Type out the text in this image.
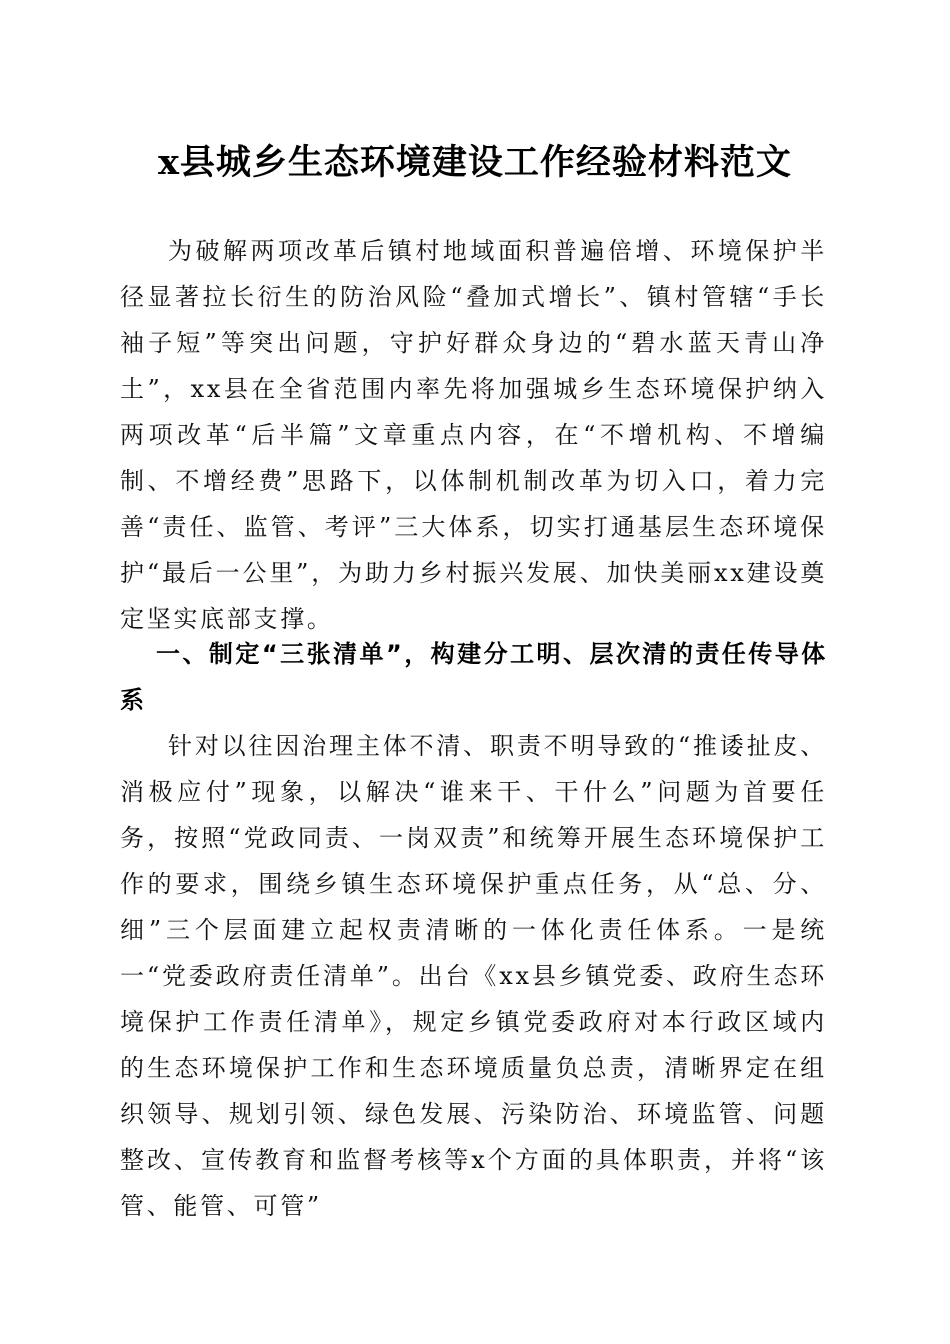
x县城乡生态环境建设工作经验材料范文
为破解两项改革后镇村地域面积普遍倍增、环境保护半径显著拉长衍生的防治风险“叠加式增长”、镇村管辖“手长袖子短”等突出问题，守护好群众身边的“碧水蓝天青山净土”，xx县在全省范围内率先将加强城乡生态环境保护纳入两项改革“后半篇”文章重点内容，在“不增机构、不增编制、不增经费”思路下，以体制机制改革为切入口，着力完善“责任、监管、考评”三大体系，切实打通基层生态环境保护“最后一公里”，为助力乡村振兴发展、加快美丽xx建设奠定坚实底部支撑。
一、制定“三张清单”，构建分工明、层次清的责任传导体系
针对以往因治理主体不清、职责不明导致的“推诿扯皮、消极应付”现象，以解决“谁来干、干什么”问题为首要任务，按照“党政同责、一岗双责”和统筹开展生态环境保护工作的要求，围绕乡镇生态环境保护重点任务，从“总、分、细”三个层面建立起权责清晰的一体化责任体系。一是统一“党委政府责任清单”。出台《xx县乡镇党委、政府生态环境保护工作责任清单》，规定乡镇党委政府对本行政区域内的生态环境保护工作和生态环境质量负总责，清晰界定在组织领导、规划引领、绿色发展、污染防治、环境监管、问题整改、宣传教育和监督考核等x个方面的具体职责，并将“该管、能管、可管”
